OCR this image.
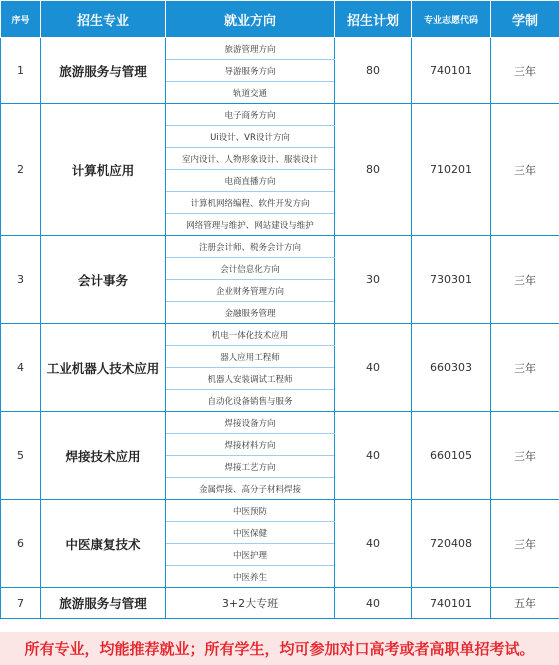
序号	招生专业	就业方向	招生计划	专业志愿代码	学制
1	旅游服务与管理	旅游管理方向	80	740101	三年
		导游服务方向			
		轨道交通			
2	计算机应用	电子商务方向	80	710201	三年
		Ui设计、VR设计方向			
		室内设计、人物形象设计、服装设计			
		电商直播方向			
		计算机网络编程、软件开发方向			
		网络管理与维护、网站建设与维护			
3	会计事务	注册会计师、税务会计方向	30	730301	三年
		会计信息化方向			
		企业财务管理方向			
		金融服务管理			
4	工业机器人技术应用	机电一体化技术应用	40	660303	三年
		器人应用工程师			
		机器人安装调试工程师			
		自动化设备销售与服务			
5	焊接技术应用	焊接设备方向	40	660105	三年
		焊接材料方向			
		焊接工艺方向			
		金属焊接、高分子材料焊接			
6	中医康复技术	中医预防	40	720408	三年
		中医保健			
		中医护理			
		中医养生			
7	旅游服务与管理	3+2大专班	40	740101	五年
所有专业，均能推荐就业；所有学生，均可参加对口高考或者高职单招考试。
